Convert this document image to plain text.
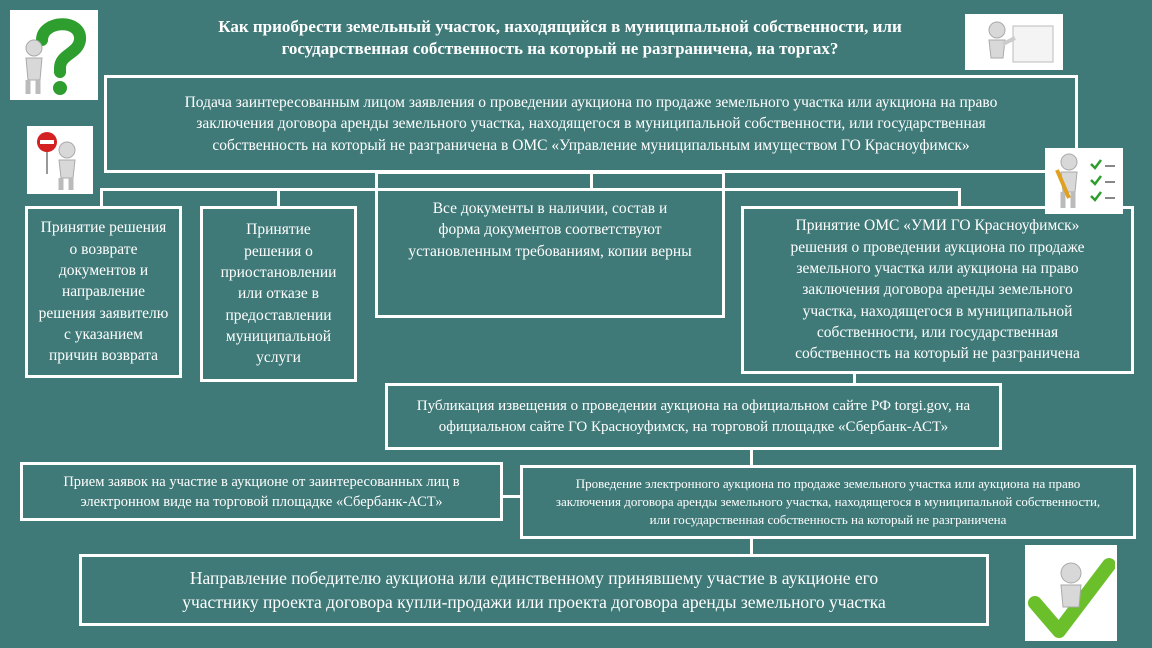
Как приобрести земельный участок, находящийся в муниципальной собственности, или
государственная собственность на который не разграничена, на торгах?
Подача заинтересованным лицом заявления о проведении аукциона по продаже земельного участка или аукциона на право
заключения договора аренды земельного участка, находящегося в муниципальной собственности, или государственная
собственность на который не разграничена в ОМС «Управление муниципальным имуществом ГО Красноуфимск»
Принятие решения
о возврате
документов и
направление
решения заявителю
с указанием
причин возврата
Принятие
решения о
приостановлении
или отказе в
предоставлении
муниципальной
услуги
Все документы в наличии, состав и
форма документов соответствуют
установленным требованиям, копии верны
Принятие ОМС «УМИ ГО Красноуфимск»
решения о проведении аукциона по продаже
земельного участка или аукциона на право
заключения договора аренды земельного
участка, находящегося в муниципальной
собственности, или государственная
собственность на который не разграничена
Публикация извещения о проведении аукциона на официальном сайте РФ torgi.gov, на
официальном сайте ГО Красноуфимск, на торговой площадке «Сбербанк-АСТ»
Прием заявок на участие в аукционе от заинтересованных лиц в
электронном виде на торговой площадке «Сбербанк-АСТ»
Проведение электронного аукциона по продаже земельного участка или аукциона на право
заключения договора аренды земельного участка, находящегося в муниципальной собственности,
или государственная собственность на который не разграничена
Направление победителю аукциона или единственному принявшему участие в аукционе его
участнику проекта договора купли-продажи или проекта договора аренды земельного участка
